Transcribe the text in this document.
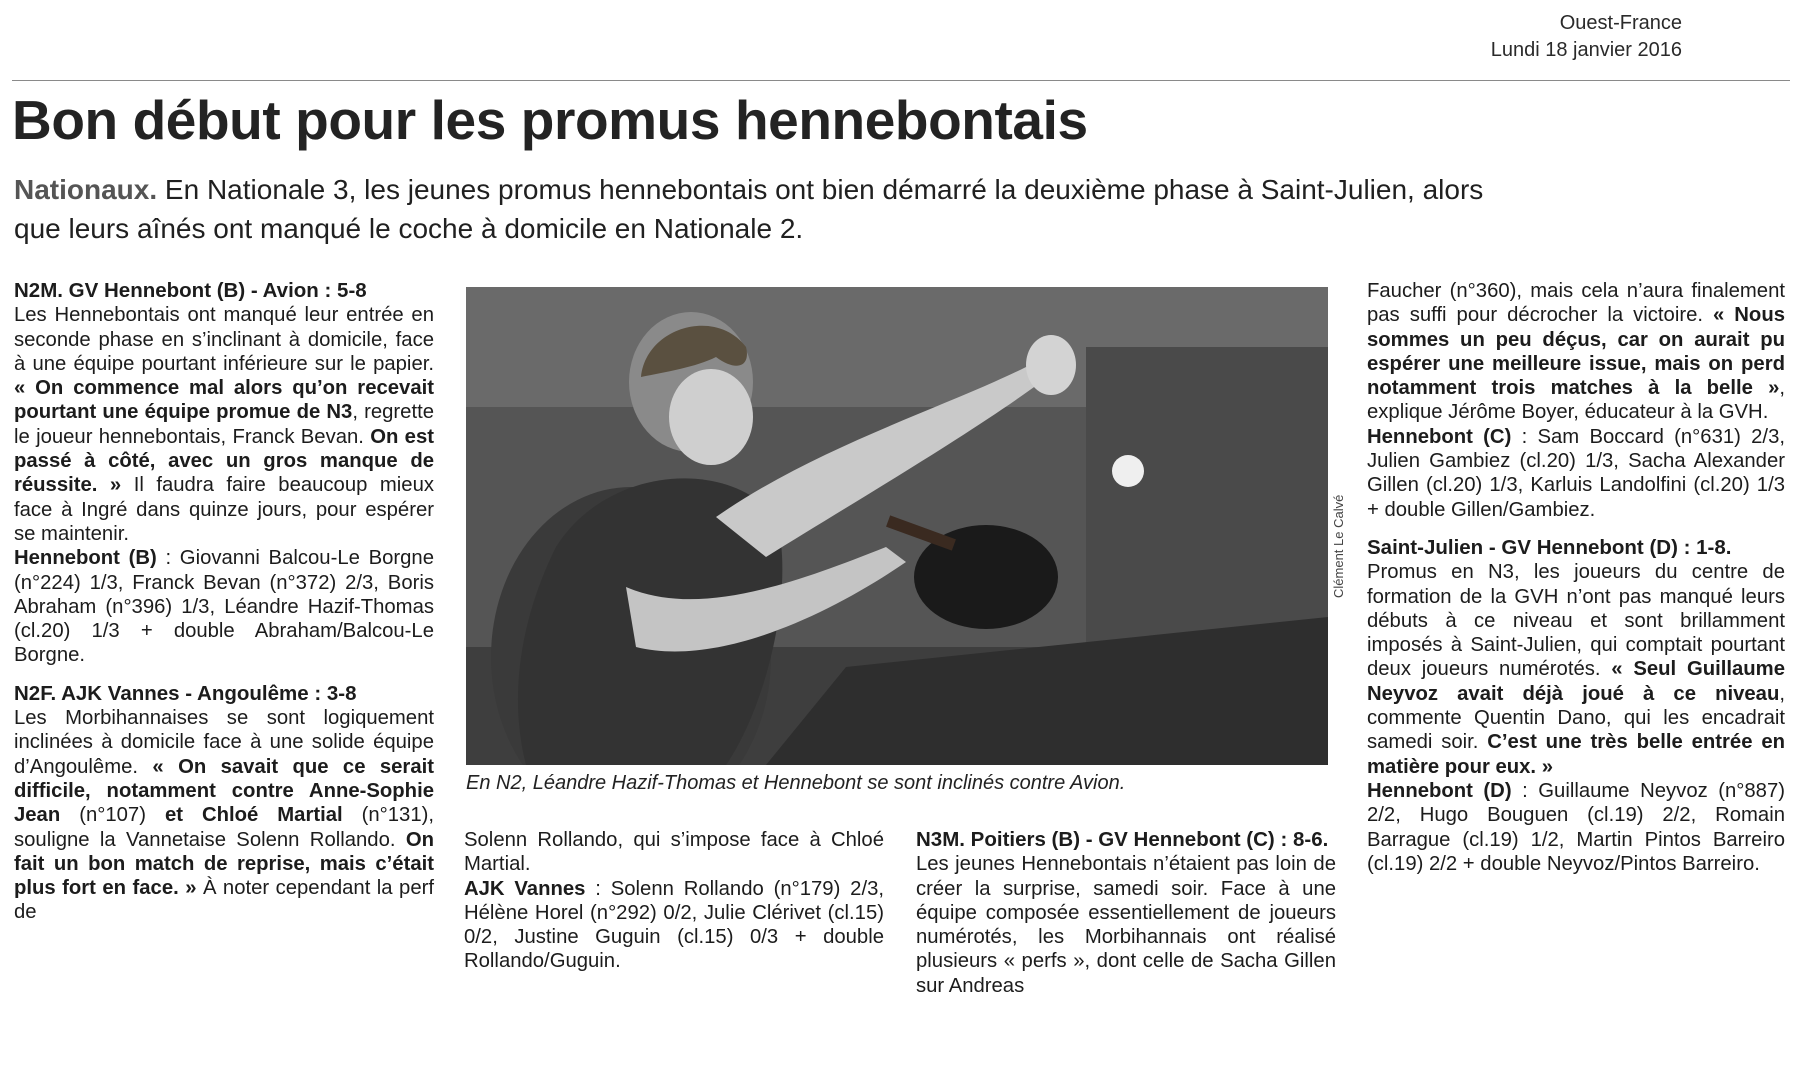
Ouest-France
Lundi 18 janvier 2016
Bon début pour les promus hennebontais
Nationaux. En Nationale 3, les jeunes promus hennebontais ont bien démarré la deuxième phase à Saint-Julien, alors que leurs aînés ont manqué le coche à domicile en Nationale 2.
N2M. GV Hennebont (B) - Avion : 5-8

Les Hennebontais ont manqué leur entrée en seconde phase en s’inclinant à domicile, face à une équipe pourtant inférieure sur le papier. « On commence mal alors qu’on recevait pourtant une équipe promue de N3, regrette le joueur hennebontais, Franck Bevan. On est passé à côté, avec un gros manque de réussite. » Il faudra faire beaucoup mieux face à Ingré dans quinze jours, pour espérer se maintenir.

Hennebont (B) : Giovanni Balcou-Le Borgne (n°224) 1/3, Franck Bevan (n°372) 2/3, Boris Abraham (n°396) 1/3, Léandre Hazif-Thomas (cl.20) 1/3 + double Abraham/Balcou-Le Borgne.

N2F. AJK Vannes - Angoulême : 3-8

Les Morbihannaises se sont logiquement inclinées à domicile face à une solide équipe d’Angoulême. « On savait que ce serait difficile, notamment contre Anne-Sophie Jean (n°107) et Chloé Martial (n°131), souligne la Vannetaise Solenn Rollando. On fait un bon match de reprise, mais c’était plus fort en face. » À noter cependant la perf de

Clément Le Calvé
En N2, Léandre Hazif-Thomas et Hennebont se sont inclinés contre Avion.

Solenn Rollando, qui s’impose face à Chloé Martial.

AJK Vannes : Solenn Rollando (n°179) 2/3, Hélène Horel (n°292) 0/2, Julie Clérivet (cl.15) 0/2, Justine Guguin (cl.15) 0/3 + double Rollando/Guguin.

N3M. Poitiers (B) - GV Hennebont (C) : 8-6.

Les jeunes Hennebontais n’étaient pas loin de créer la surprise, samedi soir. Face à une équipe composée essentiellement de joueurs numérotés, les Morbihannais ont réalisé plusieurs « perfs », dont celle de Sacha Gillen sur Andreas

Faucher (n°360), mais cela n’aura finalement pas suffi pour décrocher la victoire. « Nous sommes un peu déçus, car on aurait pu espérer une meilleure issue, mais on perd notamment trois matches à la belle », explique Jérôme Boyer, éducateur à la GVH.

Hennebont (C) : Sam Boccard (n°631) 2/3, Julien Gambiez (cl.20) 1/3, Sacha Alexander Gillen (cl.20) 1/3, Karluis Landolfini (cl.20) 1/3 + double Gillen/Gambiez.

Saint-Julien - GV Hennebont (D) : 1-8.

Promus en N3, les joueurs du centre de formation de la GVH n’ont pas manqué leurs débuts à ce niveau et sont brillamment imposés à Saint-Julien, qui comptait pourtant deux joueurs numérotés. « Seul Guillaume Neyvoz avait déjà joué à ce niveau, commente Quentin Dano, qui les encadrait samedi soir. C’est une très belle entrée en matière pour eux. »

Hennebont (D) : Guillaume Neyvoz (n°887) 2/2, Hugo Bouguen (cl.19) 2/2, Romain Barrague (cl.19) 1/2, Martin Pintos Barreiro (cl.19) 2/2 + double Neyvoz/Pintos Barreiro.
